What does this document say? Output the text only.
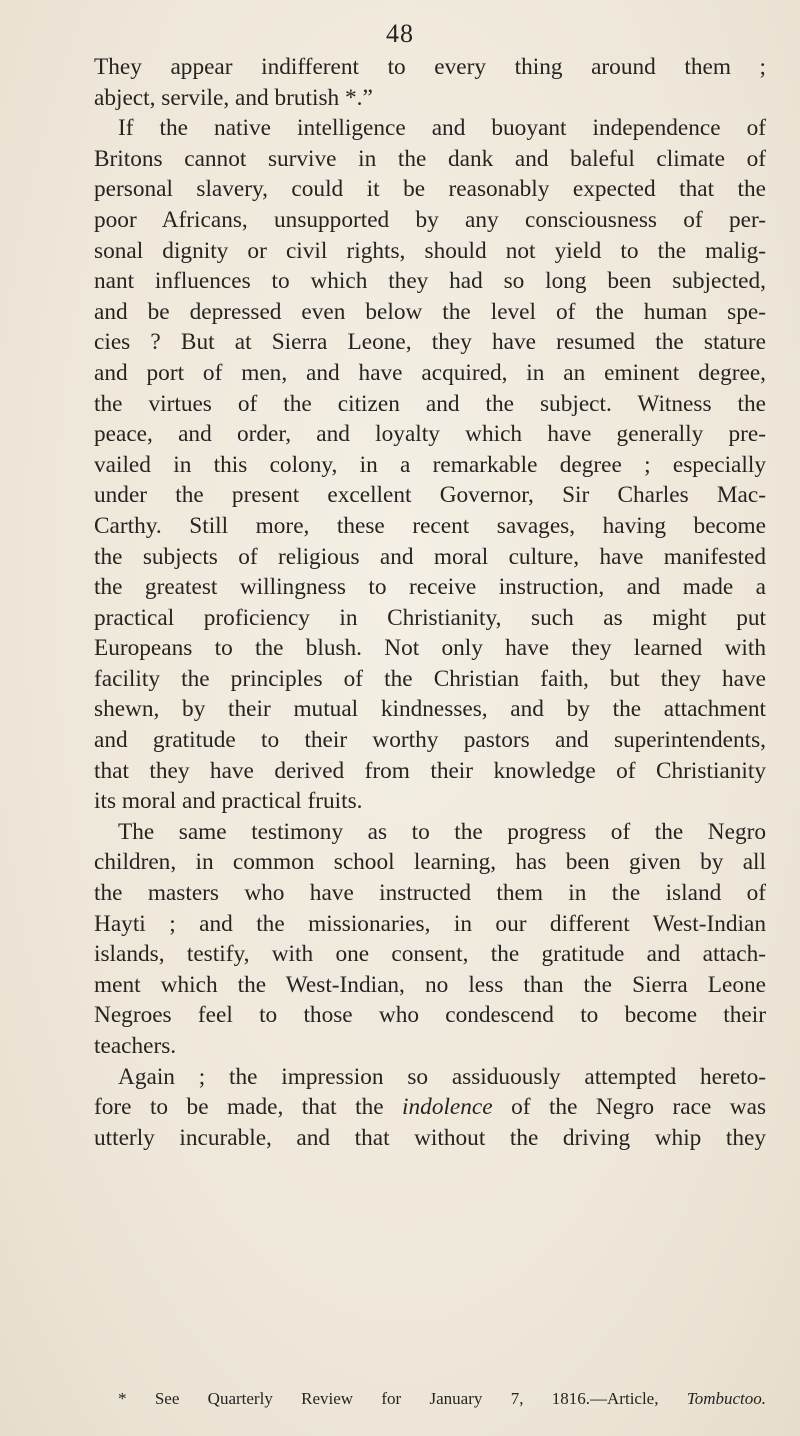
48
They appear indifferent to every thing around them ;
abject, servile, and brutish *.”
If the native intelligence and buoyant independence of
Britons cannot survive in the dank and baleful climate of
personal slavery, could it be reasonably expected that the
poor Africans, unsupported by any consciousness of per-
sonal dignity or civil rights, should not yield to the malig-
nant influences to which they had so long been subjected,
and be depressed even below the level of the human spe-
cies ? But at Sierra Leone, they have resumed the stature
and port of men, and have acquired, in an eminent degree,
the virtues of the citizen and the subject. Witness the
peace, and order, and loyalty which have generally pre-
vailed in this colony, in a remarkable degree ; especially
under the present excellent Governor, Sir Charles Mac-
Carthy. Still more, these recent savages, having become
the subjects of religious and moral culture, have manifested
the greatest willingness to receive instruction, and made a
practical proficiency in Christianity, such as might put
Europeans to the blush. Not only have they learned with
facility the principles of the Christian faith, but they have
shewn, by their mutual kindnesses, and by the attachment
and gratitude to their worthy pastors and superintendents,
that they have derived from their knowledge of Christianity
its moral and practical fruits.
The same testimony as to the progress of the Negro
children, in common school learning, has been given by all
the masters who have instructed them in the island of
Hayti ; and the missionaries, in our different West-Indian
islands, testify, with one consent, the gratitude and attach-
ment which the West-Indian, no less than the Sierra Leone
Negroes feel to those who condescend to become their
teachers.
Again ; the impression so assiduously attempted hereto-
fore to be made, that the indolence of the Negro race was
utterly incurable, and that without the driving whip they
* See Quarterly Review for January 7, 1816.—Article, Tombuctoo.
